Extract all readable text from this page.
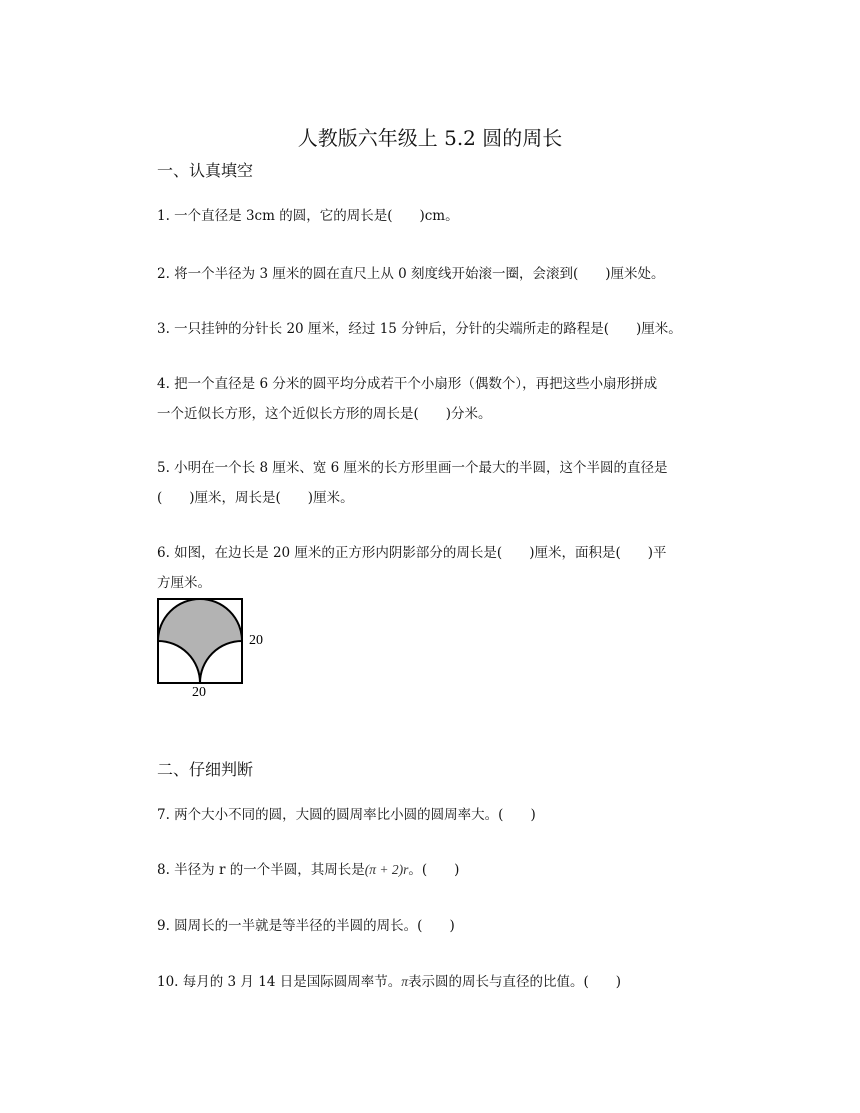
人教版六年级上 5.2 圆的周长
一、认真填空
1. 一个直径是 3cm 的圆，它的周长是(　　)cm。
2. 将一个半径为 3 厘米的圆在直尺上从 0 刻度线开始滚一圈，会滚到(　　)厘米处。
3. 一只挂钟的分针长 20 厘米，经过 15 分钟后，分针的尖端所走的路程是(　　)厘米。
4. 把一个直径是 6 分米的圆平均分成若干个小扇形（偶数个），再把这些小扇形拼成
一个近似长方形，这个近似长方形的周长是(　　)分米。
5. 小明在一个长 8 厘米、宽 6 厘米的长方形里画一个最大的半圆，这个半圆的直径是
(　　)厘米，周长是(　　)厘米。
6. 如图，在边长是 20 厘米的正方形内阴影部分的周长是(　　)厘米，面积是(　　)平
方厘米。
20
20
二、仔细判断
7. 两个大小不同的圆，大圆的圆周率比小圆的圆周率大。(　　)
8. 半径为 r 的一个半圆，其周长是(π + 2)r。(　　)
9. 圆周长的一半就是等半径的半圆的周长。(　　)
10. 每月的 3 月 14 日是国际圆周率节。π表示圆的周长与直径的比值。(　　)
